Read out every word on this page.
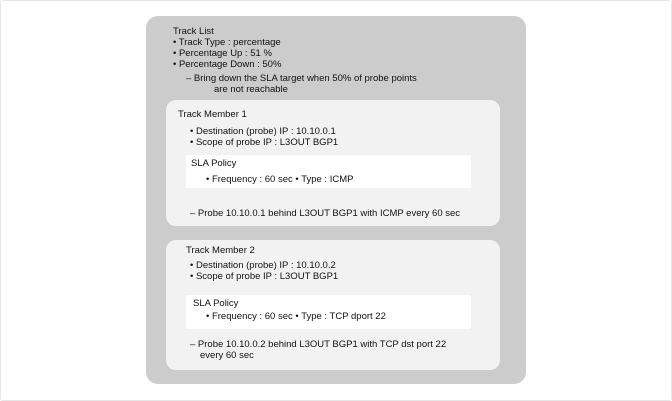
Track List
• Track Type : percentage
• Percentage Up : 51 %
• Percentage Down : 50%
– Bring down the SLA target when 50% of probe points
are not reachable
Track Member 1
• Destination (probe) IP : 10.10.0.1
• Scope of probe IP : L3OUT BGP1
SLA Policy
• Frequency : 60 sec • Type : ICMP
– Probe 10.10.0.1 behind L3OUT BGP1 with ICMP every 60 sec
Track Member 2
• Destination (probe) IP : 10.10.0.2
• Scope of probe IP : L3OUT BGP1
SLA Policy
• Frequency : 60 sec • Type : TCP dport 22
– Probe 10.10.0.2 behind L3OUT BGP1 with TCP dst port 22
every 60 sec
